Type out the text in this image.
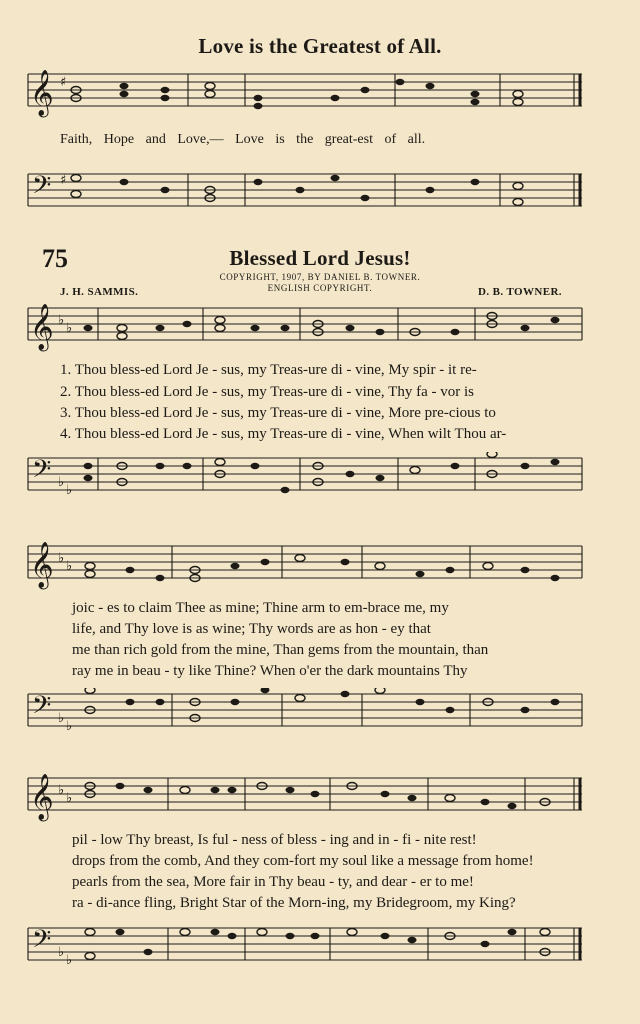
Love is the Greatest of All.
𝄞 ♯
Faith, Hope and Love,— Love is the great-est of all.
𝄢 ♯
75	Blessed Lord Jesus!
COPYRIGHT, 1907, BY DANIEL B. TOWNER.
ENGLISH COPYRIGHT.
J. H. SAMMIS.	D. B. TOWNER.
𝄞 ♭
♭
1. Thou bless-ed Lord Je - sus, my Treas-ure di - vine, My spir - it re-
2. Thou bless-ed Lord Je - sus, my Treas-ure di - vine, Thy fa - vor is
3. Thou bless-ed Lord Je - sus, my Treas-ure di - vine, More pre-cious to
4. Thou bless-ed Lord Je - sus, my Treas-ure di - vine, When wilt Thou ar-
𝄢 ♭
♭
𝄞 ♭
♭
joic - es to claim Thee as mine; Thine arm to em-brace me, my
life, and Thy love is as wine; Thy words are as hon - ey that
me than rich gold from the mine, Than gems from the mountain, than
ray me in beau - ty like Thine? When o'er the dark mountains Thy
𝄢 ♭
♭
𝄞 ♭
♭
pil - low Thy breast, Is ful - ness of bless - ing and in - fi - nite rest!
drops from the comb, And they com-fort my soul like a message from home!
pearls from the sea, More fair in Thy beau - ty, and dear - er to me!
ra - di-ance fling, Bright Star of the Morn-ing, my Bridegroom, my King?
𝄢 ♭
♭
